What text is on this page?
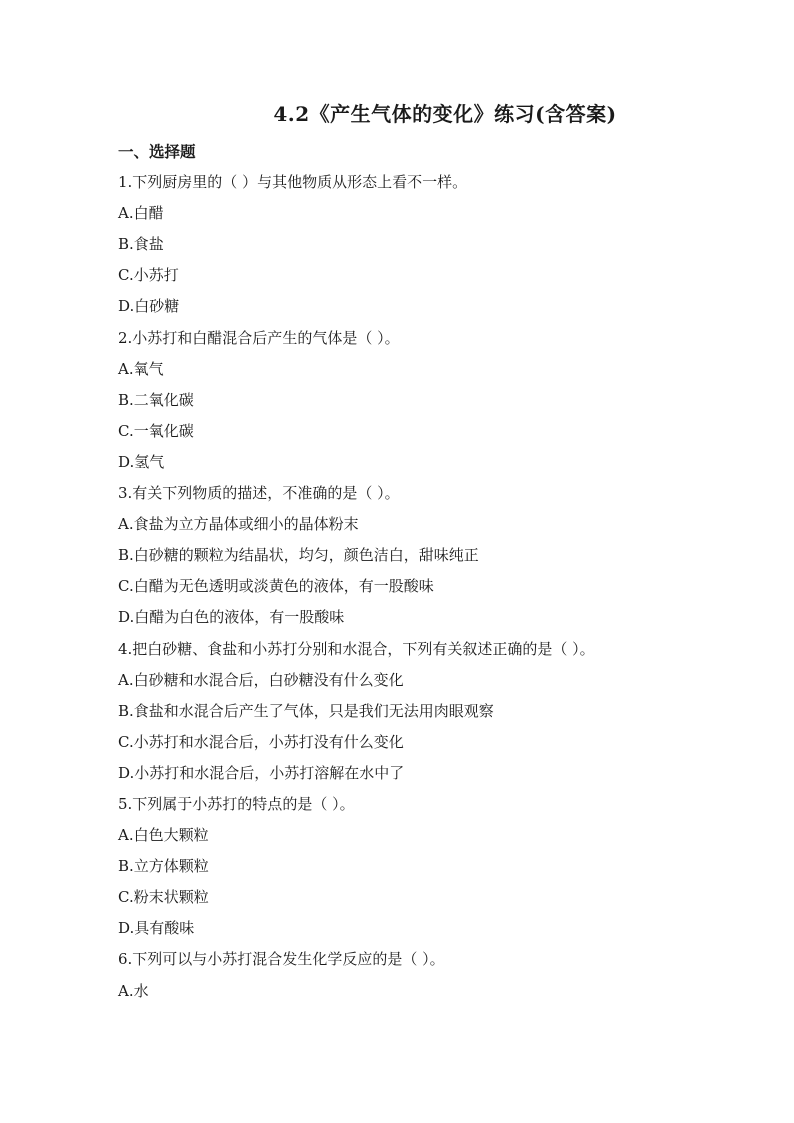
4.2《产生气体的变化》练习(含答案)
一、选择题
1.下列厨房里的（ ）与其他物质从形态上看不一样。
A.白醋
B.食盐
C.小苏打
D.白砂糖
2.小苏打和白醋混合后产生的气体是（ ）。
A.氧气
B.二氧化碳
C.一氧化碳
D.氢气
3.有关下列物质的描述，不准确的是（ ）。
A.食盐为立方晶体或细小的晶体粉末
B.白砂糖的颗粒为结晶状，均匀，颜色洁白，甜味纯正
C.白醋为无色透明或淡黄色的液体，有一股酸味
D.白醋为白色的液体，有一股酸味
4.把白砂糖、食盐和小苏打分别和水混合，下列有关叙述正确的是（ ）。
A.白砂糖和水混合后，白砂糖没有什么变化
B.食盐和水混合后产生了气体，只是我们无法用肉眼观察
C.小苏打和水混合后，小苏打没有什么变化
D.小苏打和水混合后，小苏打溶解在水中了
5.下列属于小苏打的特点的是（ ）。
A.白色大颗粒
B.立方体颗粒
C.粉末状颗粒
D.具有酸味
6.下列可以与小苏打混合发生化学反应的是（ ）。
A.水
